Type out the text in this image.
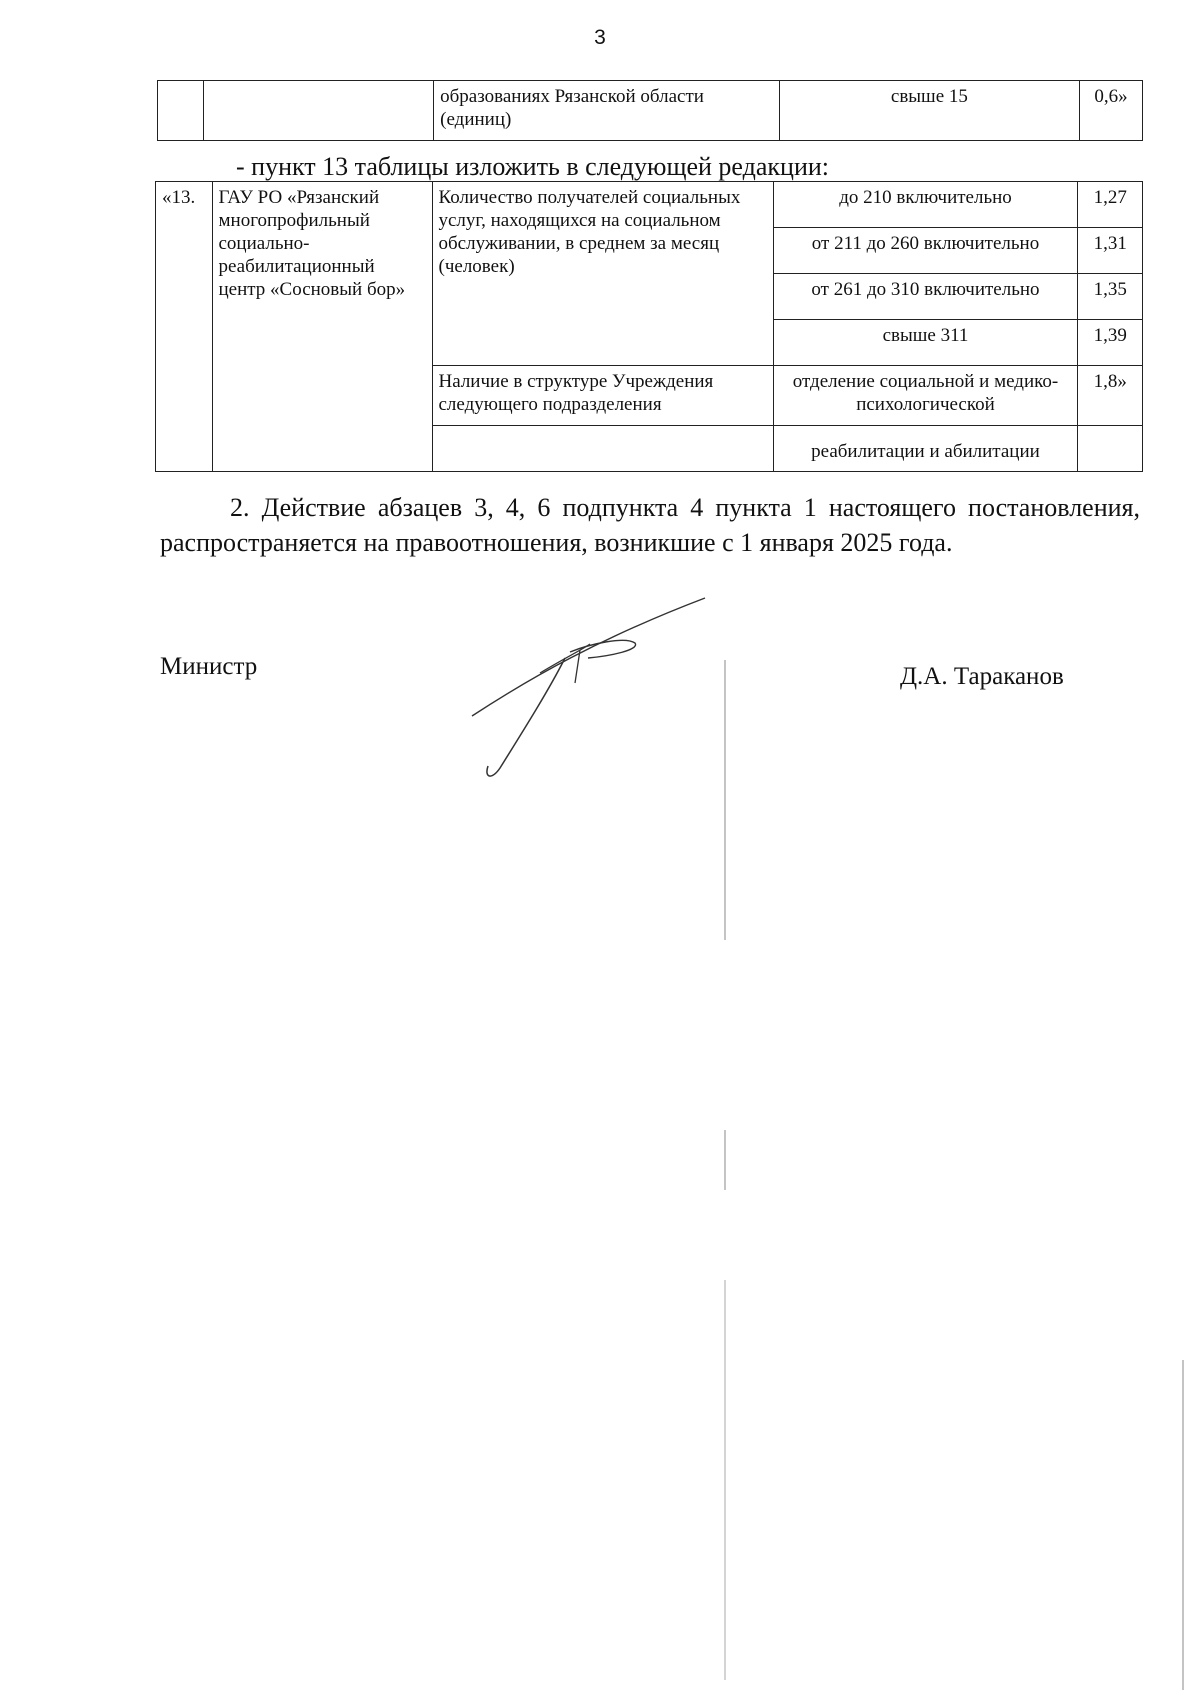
3
		образованиях Рязанской области (единиц)	свыше 15	0,6»
- пункт 13 таблицы изложить в следующей редакции:
«13.	ГАУ РО «Рязанский многопрофильный социально-реабилитационный центр «Сосновый бор»	Количество получателей социальных услуг, находящихся на социальном обслуживании, в среднем за месяц (человек)	до 210 включительно	1,27
			от 211 до 260 включительно	1,31
			от 261 до 310 включительно	1,35
			свыше 311	1,39
		Наличие в структуре Учреждения следующего подразделения	отделение социальной и медико-психологической	1,8»
			реабилитации и абилитации	
2. Действие абзацев 3, 4, 6 подпункта 4 пункта 1 настоящего постановления, распространяется на правоотношения, возникшие с 1 января 2025 года.
Министр	Д.А. Тараканов
